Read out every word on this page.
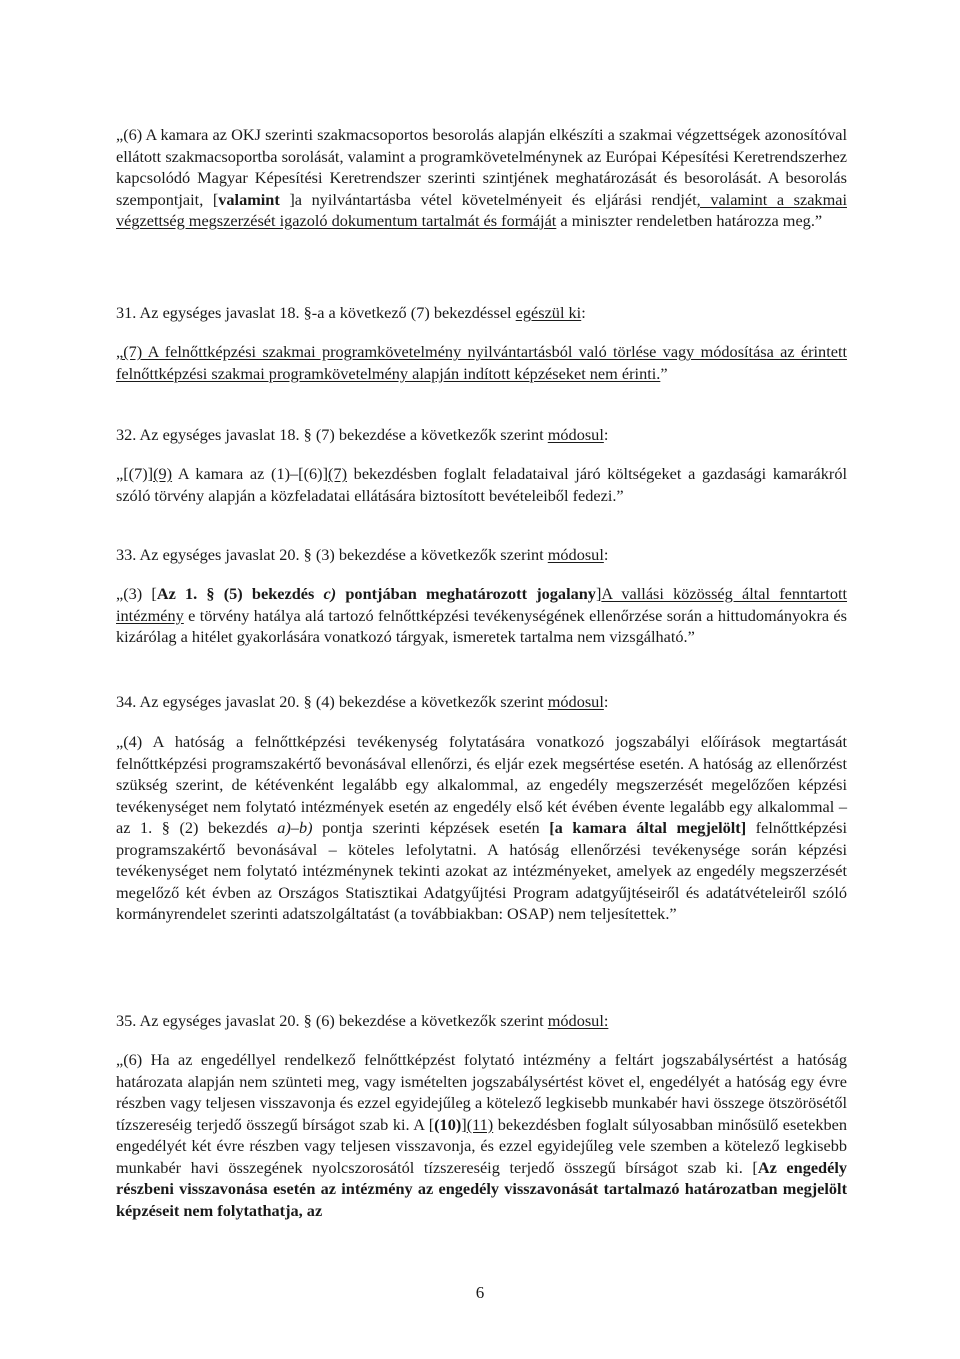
„(6) A kamara az OKJ szerinti szakmacsoportos besorolás alapján elkészíti a szakmai végzettségek azonosítóval ellátott szakmacsoportba sorolását, valamint a programkövetelménynek az Európai Képesítési Keretrendszerhez kapcsolódó Magyar Képesítési Keretrendszer szerinti szintjének meghatározását és besorolását. A besorolás szempontjait, [valamint ]a nyilvántartásba vétel követelményeit és eljárási rendjét, valamint a szakmai végzettség megszerzését igazoló dokumentum tartalmát és formáját a miniszter rendeletben határozza meg.”

31. Az egységes javaslat 18. §-a a következő (7) bekezdéssel egészül ki:

„(7) A felnőttképzési szakmai programkövetelmény nyilvántartásból való törlése vagy módosítása az érintett felnőttképzési szakmai programkövetelmény alapján indított képzéseket nem érinti.”

32. Az egységes javaslat 18. § (7) bekezdése a következők szerint módosul:

„[(7)](9) A kamara az (1)–[(6)](7) bekezdésben foglalt feladataival járó költségeket a gazdasági kamarákról szóló törvény alapján a közfeladatai ellátására biztosított bevételeiből fedezi.”

33. Az egységes javaslat 20. § (3) bekezdése a következők szerint módosul:

„(3) [Az 1. § (5) bekezdés c) pontjában meghatározott jogalany]A vallási közösség által fenntartott intézmény e törvény hatálya alá tartozó felnőttképzési tevékenységének ellenőrzése során a hittudományokra és kizárólag a hitélet gyakorlására vonatkozó tárgyak, ismeretek tartalma nem vizsgálható.”

34. Az egységes javaslat 20. § (4) bekezdése a következők szerint módosul:

„(4) A hatóság a felnőttképzési tevékenység folytatására vonatkozó jogszabályi előírások megtartását felnőttképzési programszakértő bevonásával ellenőrzi, és eljár ezek megsértése esetén. A hatóság az ellenőrzést szükség szerint, de kétévenként legalább egy alkalommal, az engedély megszerzését megelőzően képzési tevékenységet nem folytató intézmények esetén az engedély első két évében évente legalább egy alkalommal – az 1. § (2) bekezdés a)–b) pontja szerinti képzések esetén [a kamara által megjelölt] felnőttképzési programszakértő bevonásával – köteles lefolytatni. A hatóság ellenőrzési tevékenysége során képzési tevékenységet nem folytató intézménynek tekinti azokat az intézményeket, amelyek az engedély megszerzését megelőző két évben az Országos Statisztikai Adatgyűjtési Program adatgyűjtéseiről és adatátvételeiről szóló kormányrendelet szerinti adatszolgáltatást (a továbbiakban: OSAP) nem teljesítettek.”

35. Az egységes javaslat 20. § (6) bekezdése a következők szerint módosul:

„(6) Ha az engedéllyel rendelkező felnőttképzést folytató intézmény a feltárt jogszabálysértést a hatóság határozata alapján nem szünteti meg, vagy ismételten jogszabálysértést követ el, engedélyét a hatóság egy évre részben vagy teljesen visszavonja és ezzel egyidejűleg a kötelező legkisebb munkabér havi összege ötszörösétől tízszereséig terjedő összegű bírságot szab ki. A [(10)](11) bekezdésben foglalt súlyosabban minősülő esetekben engedélyét két évre részben vagy teljesen visszavonja, és ezzel egyidejűleg vele szemben a kötelező legkisebb munkabér havi összegének nyolcszorosától tízszereséig terjedő összegű bírságot szab ki. [Az engedély részbeni visszavonása esetén az intézmény az engedély visszavonását tartalmazó határozatban megjelölt képzéseit nem folytathatja, az

6
